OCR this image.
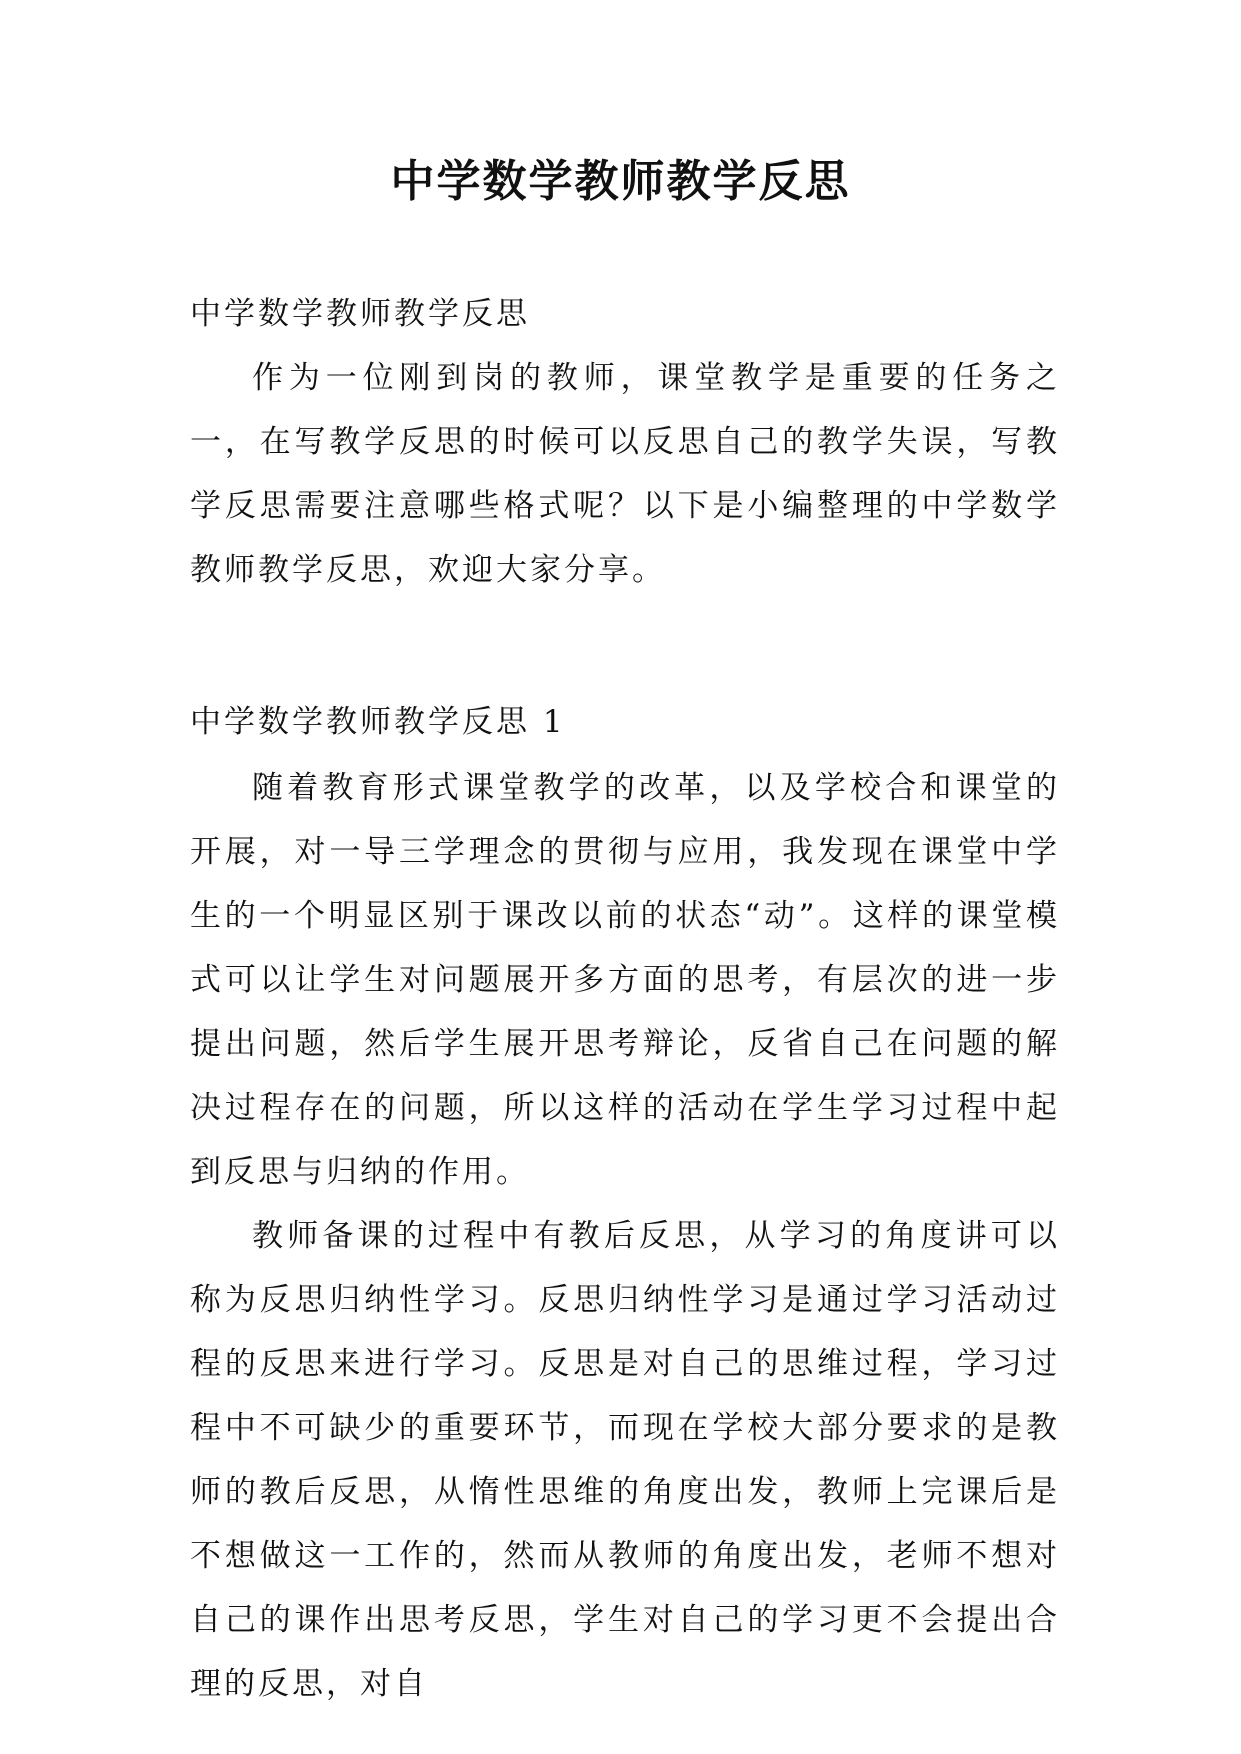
中学数学教师教学反思
中学数学教师教学反思

作为一位刚到岗的教师，课堂教学是重要的任务之一，在写教学反思的时候可以反思自己的教学失误，写教学反思需要注意哪些格式呢？以下是小编整理的中学数学教师教学反思，欢迎大家分享。

中学数学教师教学反思 1

随着教育形式课堂教学的改革，以及学校合和课堂的开展，对一导三学理念的贯彻与应用，我发现在课堂中学生的一个明显区别于课改以前的状态“动”。这样的课堂模式可以让学生对问题展开多方面的思考，有层次的进一步提出问题，然后学生展开思考辩论，反省自己在问题的解决过程存在的问题，所以这样的活动在学生学习过程中起到反思与归纳的作用。

教师备课的过程中有教后反思，从学习的角度讲可以称为反思归纳性学习。反思归纳性学习是通过学习活动过程的反思来进行学习。反思是对自己的思维过程，学习过程中不可缺少的重要环节，而现在学校大部分要求的是教师的教后反思，从惰性思维的角度出发，教师上完课后是不想做这一工作的，然而从教师的角度出发，老师不想对自己的课作出思考反思，学生对自己的学习更不会提出合理的反思，对自
